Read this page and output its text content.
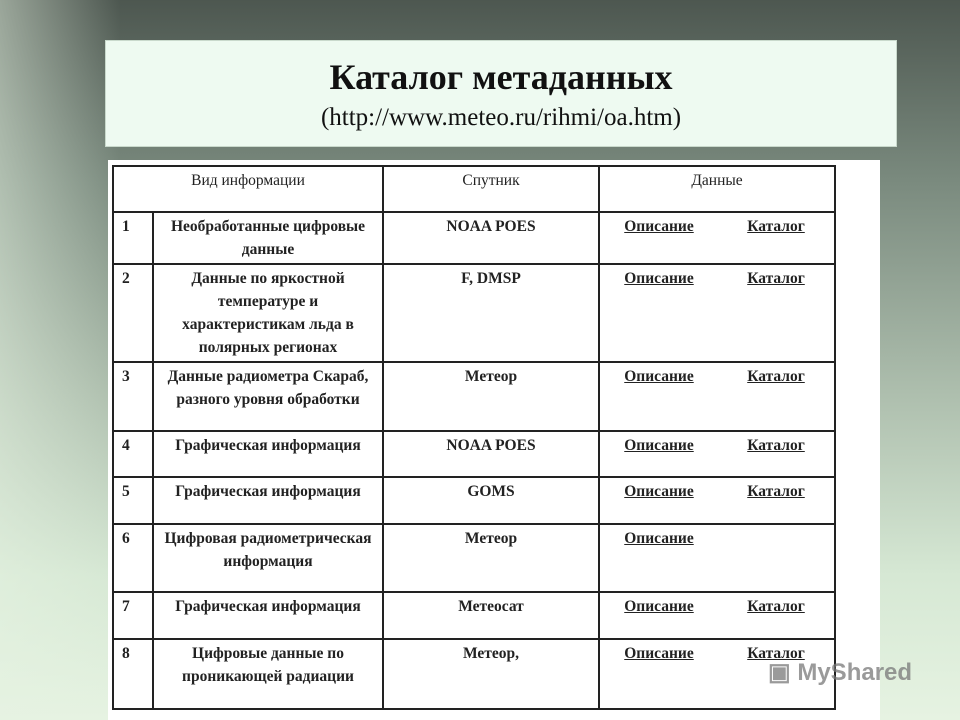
Каталог метаданных
(http://www.meteo.ru/rihmi/oa.htm)
Вид информации		Спутник	Данные	
1	Необработанные цифровые данные	NOAA POES	Описание	Каталог
2	Данные по яркостной температуре и характеристикам льда в полярных регионах	F, DMSP	Описание	Каталог
3	Данные радиометра Скараб, разного уровня обработки	Метеор	Описание	Каталог
4	Графическая информация	NOAA POES	Описание	Каталог
5	Графическая информация	GOMS	Описание	Каталог
6	Цифровая радиометрическая информация	Метеор	Описание	
7	Графическая информация	Метеосат	Описание	Каталог
8	Цифровые данные по проникающей радиации	Метеор,	Описание	Каталог
▣ MyShared
